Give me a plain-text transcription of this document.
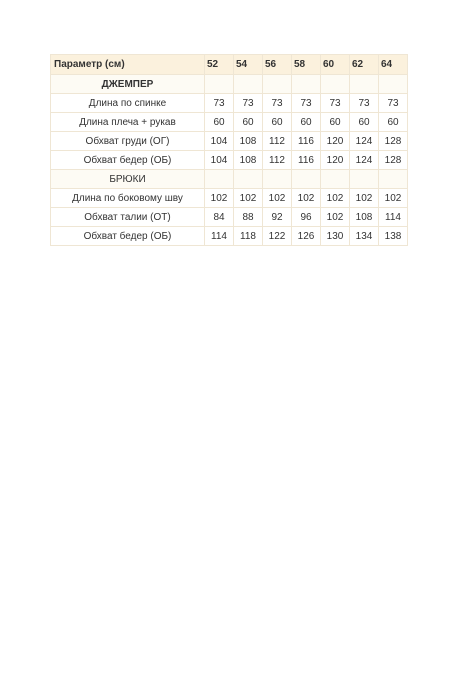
Параметр (см)	52	54	56	58	60	62	64
ДЖЕМПЕР							
Длина по спинке	73	73	73	73	73	73	73
Длина плеча + рукав	60	60	60	60	60	60	60
Обхват груди (ОГ)	104	108	112	116	120	124	128
Обхват бедер (ОБ)	104	108	112	116	120	124	128
БРЮКИ							
Длина по боковому шву	102	102	102	102	102	102	102
Обхват талии (ОТ)	84	88	92	96	102	108	114
Обхват бедер (ОБ)	114	118	122	126	130	134	138
